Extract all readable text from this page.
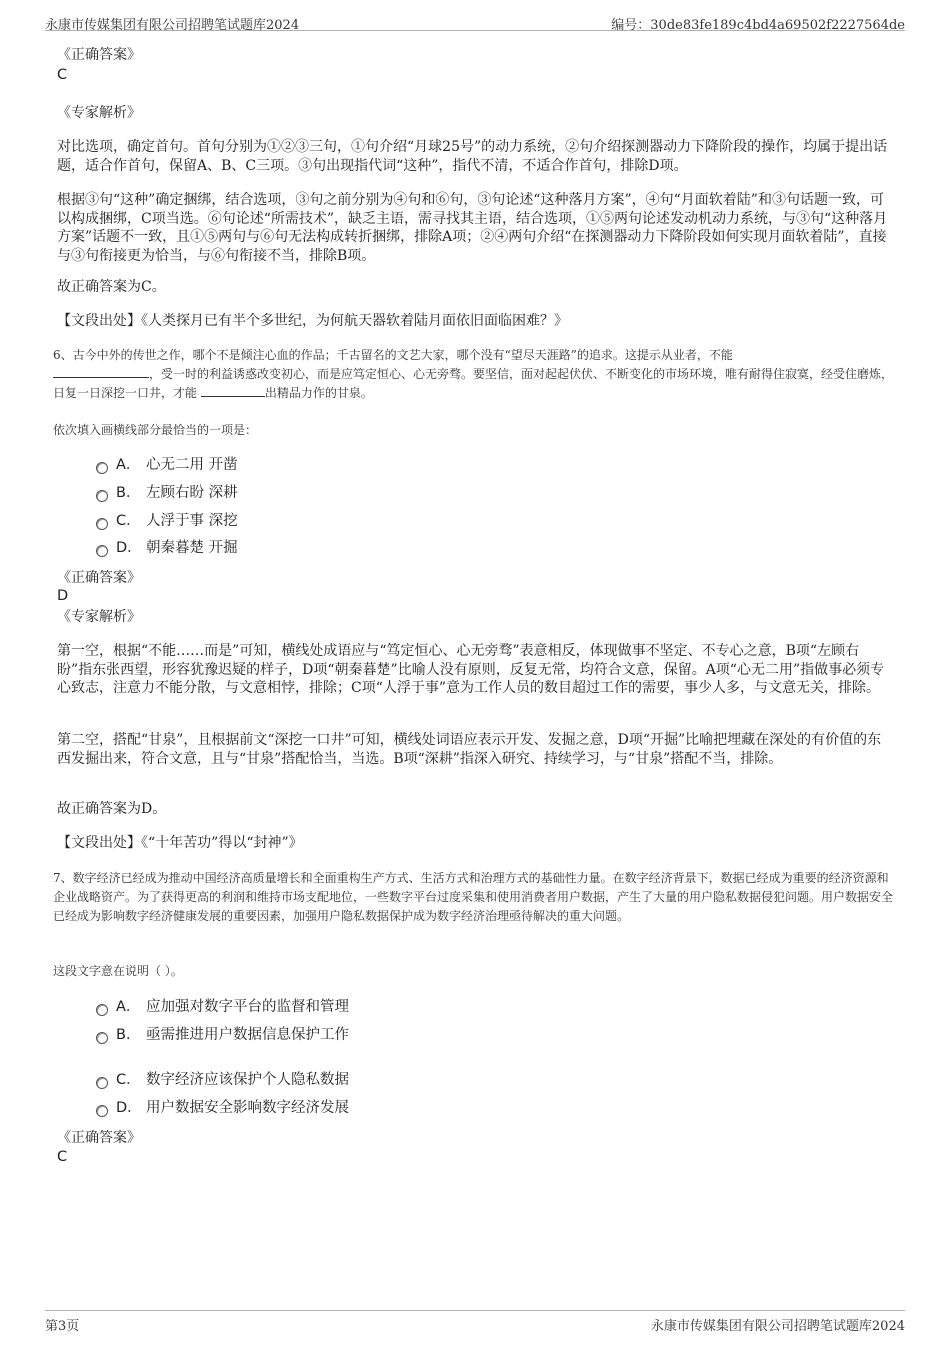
永康市传媒集团有限公司招聘笔试题库2024	编号：30de83fe189c4bd4a69502f2227564de
《正确答案》
C
《专家解析》
对比选项，确定首句。首句分别为①②③三句，①句介绍“月球25号”的动力系统，②句介绍探测器动力下降阶段的操作，均属于提出话题，适合作首句，保留A、B、C三项。③句出现指代词“这种”，指代不清，不适合作首句，排除D项。
根据③句“这种”确定捆绑，结合选项，③句之前分别为④句和⑥句，③句论述“这种落月方案”，④句“月面软着陆”和③句话题一致，可以构成捆绑，C项当选。⑥句论述“所需技术”，缺乏主语，需寻找其主语，结合选项，①⑤两句论述发动机动力系统，与③句“这种落月方案”话题不一致，且①⑤两句与⑥句无法构成转折捆绑，排除A项；②④两句介绍“在探测器动力下降阶段如何实现月面软着陆”，直接与③句衔接更为恰当，与⑥句衔接不当，排除B项。
故正确答案为C。
【文段出处】《人类探月已有半个多世纪，为何航天器软着陆月面依旧面临困难？》
6、古今中外的传世之作，哪个不是倾注心血的作品；千古留名的文艺大家，哪个没有“望尽天涯路”的追求。这提示从业者，不能
，受一时的利益诱惑改变初心，而是应笃定恒心、心无旁骛。要坚信，面对起起伏伏、不断变化的市场环境，唯有耐得住寂寞，经受住磨炼，日复一日深挖一口井，才能	出精品力作的甘泉。
依次填入画横线部分最恰当的一项是：
A． 心无二用 开凿
B． 左顾右盼 深耕
C． 人浮于事 深挖
D． 朝秦暮楚 开掘
《正确答案》
D
《专家解析》
第一空，根据“不能……而是”可知，横线处成语应与“笃定恒心、心无旁骛”表意相反，体现做事不坚定、不专心之意，B项“左顾右盼”指东张西望，形容犹豫迟疑的样子，D项“朝秦暮楚”比喻人没有原则，反复无常，均符合文意，保留。A项“心无二用”指做事必须专心致志，注意力不能分散，与文意相悖，排除；C项“人浮于事”意为工作人员的数目超过工作的需要，事少人多，与文意无关，排除。
第二空，搭配“甘泉”，且根据前文“深挖一口井”可知，横线处词语应表示开发、发掘之意，D项“开掘”比喻把埋藏在深处的有价值的东西发掘出来，符合文意，且与“甘泉”搭配恰当，当选。B项“深耕”指深入研究、持续学习，与“甘泉”搭配不当，排除。
故正确答案为D。
【文段出处】《“十年苦功”得以“封神”》
7、数字经济已经成为推动中国经济高质量增长和全面重构生产方式、生活方式和治理方式的基础性力量。在数字经济背景下，数据已经成为重要的经济资源和企业战略资产。为了获得更高的利润和维持市场支配地位，一些数字平台过度采集和使用消费者用户数据，产生了大量的用户隐私数据侵犯问题。用户数据安全已经成为影响数字经济健康发展的重要因素，加强用户隐私数据保护成为数字经济治理亟待解决的重大问题。
这段文字意在说明（ ）。
A． 应加强对数字平台的监督和管理
B． 亟需推进用户数据信息保护工作
C． 数字经济应该保护个人隐私数据
D． 用户数据安全影响数字经济发展
《正确答案》
C
第3页	永康市传媒集团有限公司招聘笔试题库2024
